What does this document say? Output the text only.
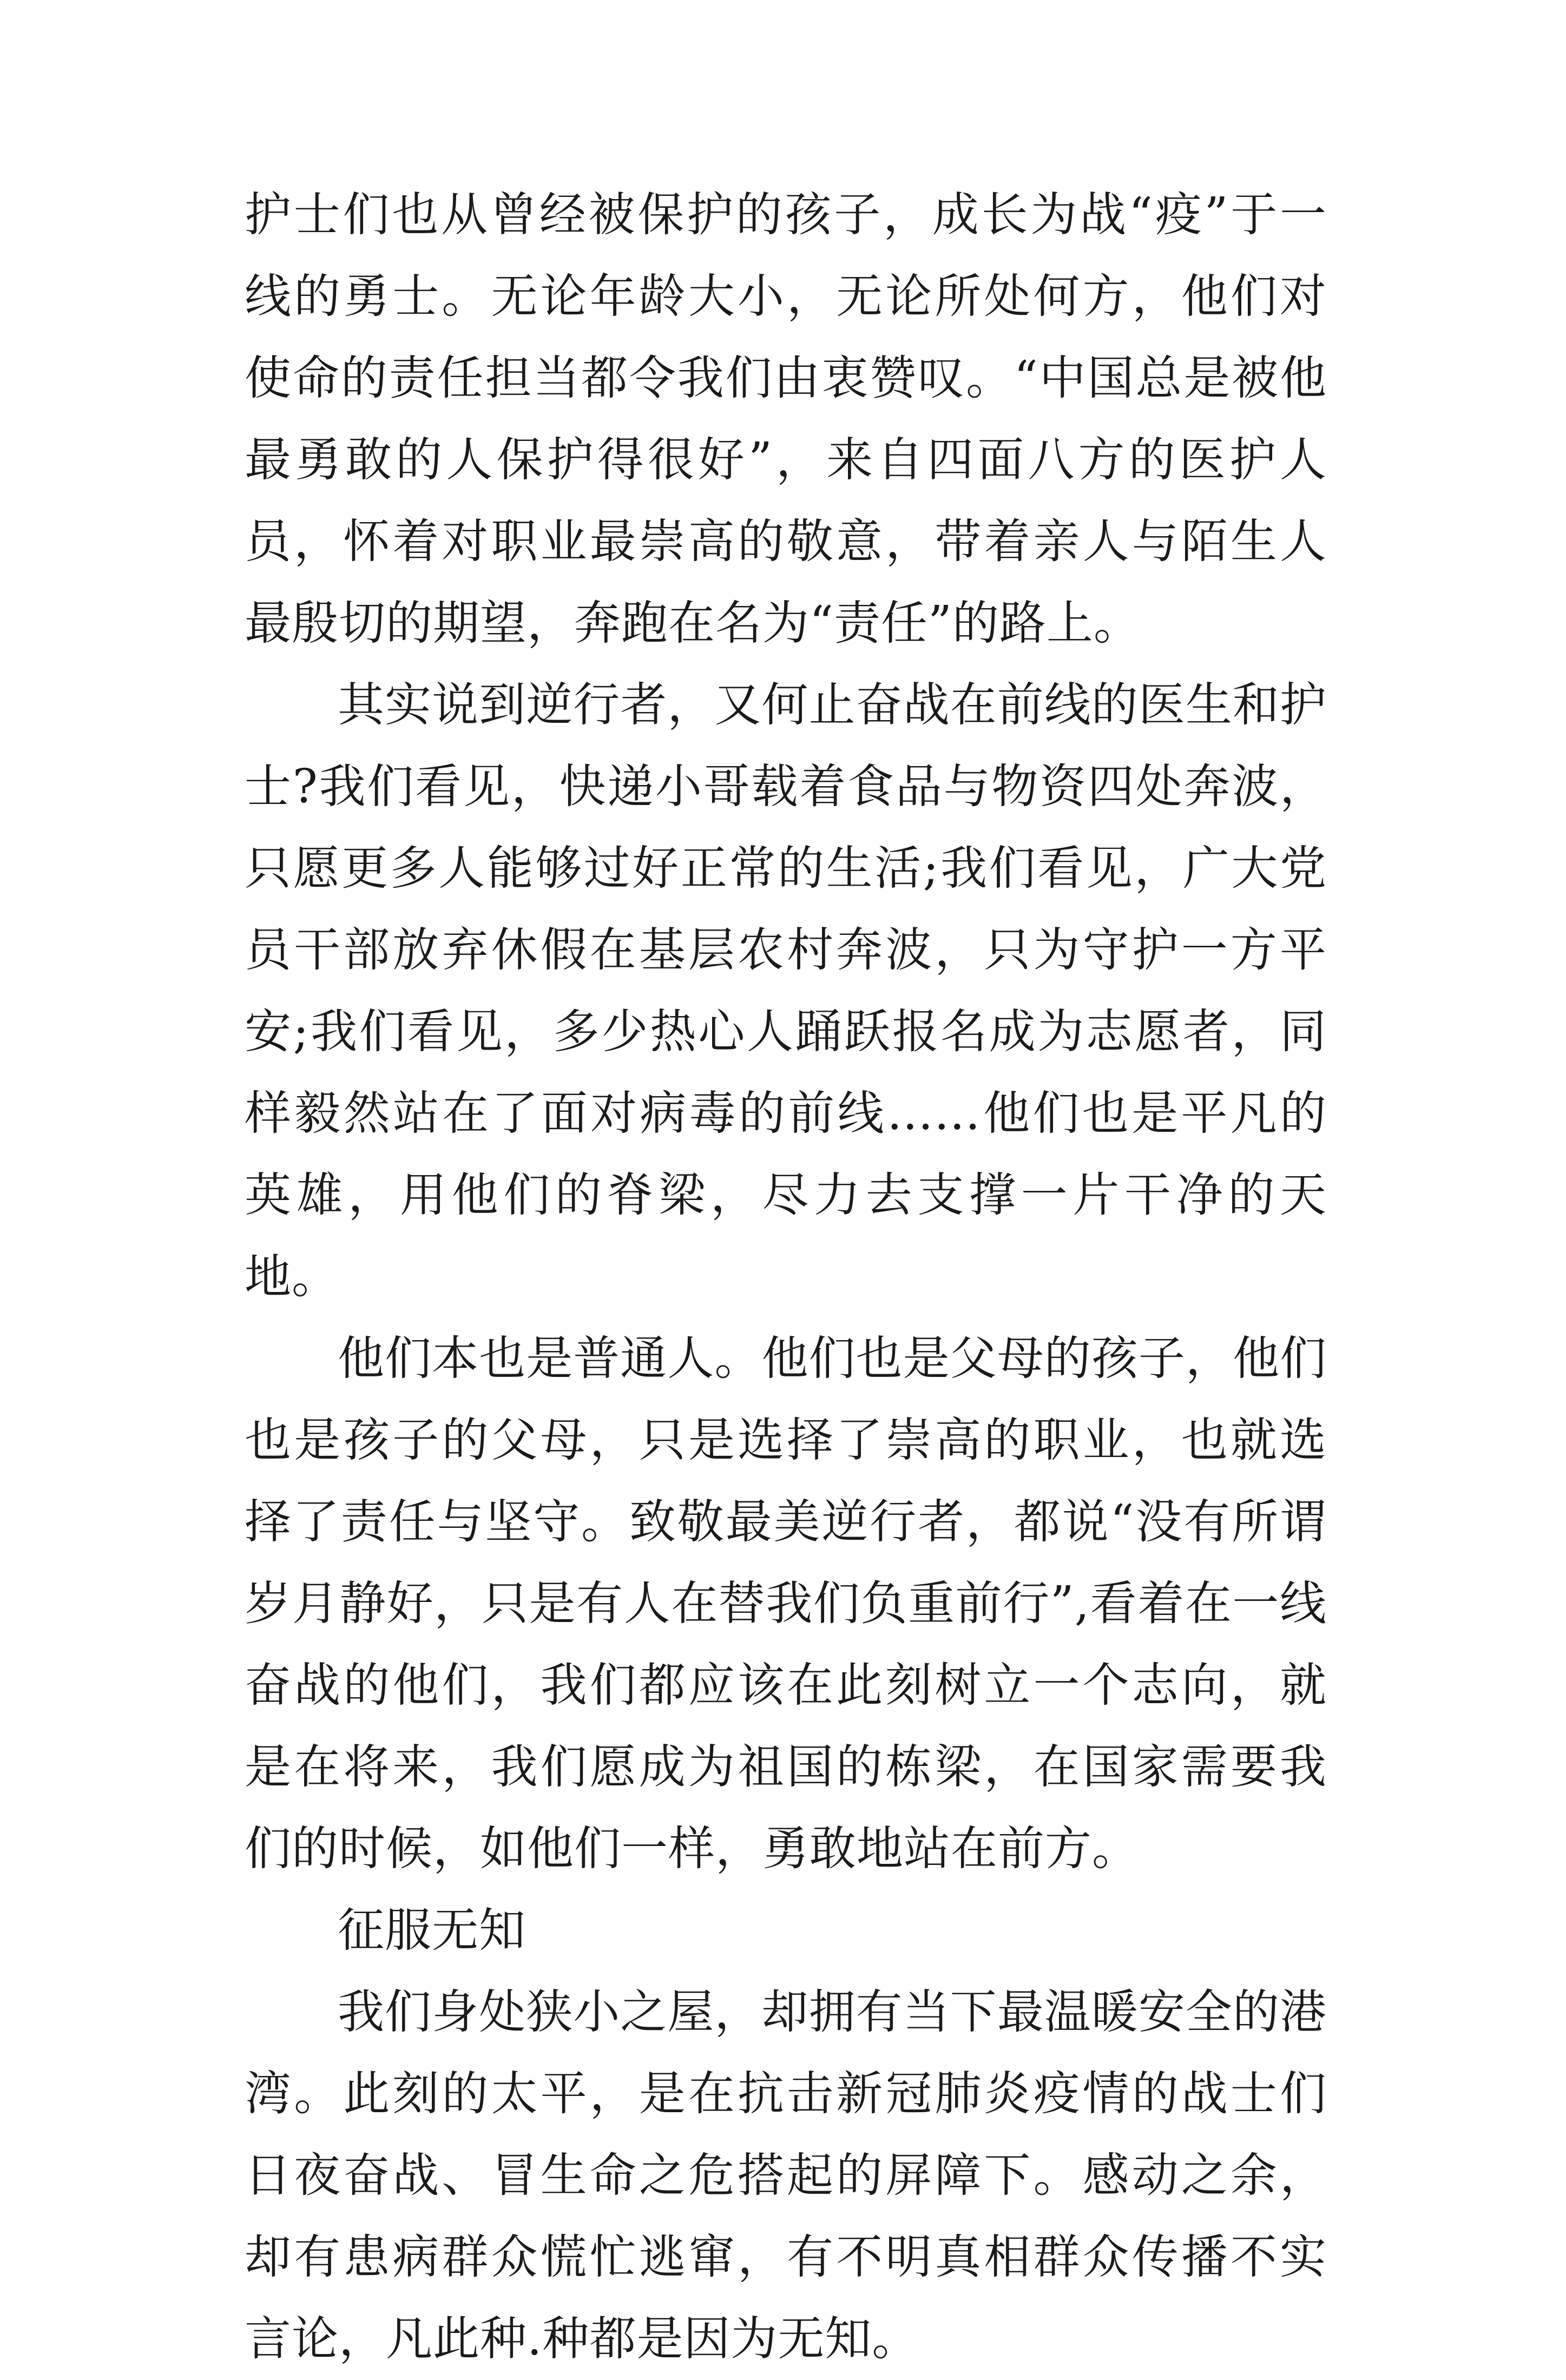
护士们也从曾经被保护的孩子，成长为战“疫”于一线的勇士。无论年龄大小，无论所处何方，他们对使命的责任担当都令我们由衷赞叹。“中国总是被他最勇敢的人保护得很好”，来自四面八方的医护人员，怀着对职业最崇高的敬意，带着亲人与陌生人最殷切的期望，奔跑在名为“责任”的路上。

其实说到逆行者，又何止奋战在前线的医生和护士?我们看见，快递小哥载着食品与物资四处奔波，只愿更多人能够过好正常的生活;我们看见，广大党员干部放弃休假在基层农村奔波，只为守护一方平安;我们看见，多少热心人踊跃报名成为志愿者，同样毅然站在了面对病毒的前线……他们也是平凡的英雄，用他们的脊梁，尽力去支撑一片干净的天地。

他们本也是普通人。他们也是父母的孩子，他们也是孩子的父母，只是选择了崇高的职业，也就选择了责任与坚守。致敬最美逆行者，都说“没有所谓岁月静好，只是有人在替我们负重前行”,看着在一线奋战的他们，我们都应该在此刻树立一个志向，就是在将来，我们愿成为祖国的栋梁，在国家需要我们的时候，如他们一样，勇敢地站在前方。

征服无知

我们身处狭小之屋，却拥有当下最温暖安全的港湾。此刻的太平，是在抗击新冠肺炎疫情的战士们日夜奋战、冒生命之危搭起的屏障下。感动之余，却有患病群众慌忙逃窜，有不明真相群众传播不实言论，凡此种.种都是因为无知。
